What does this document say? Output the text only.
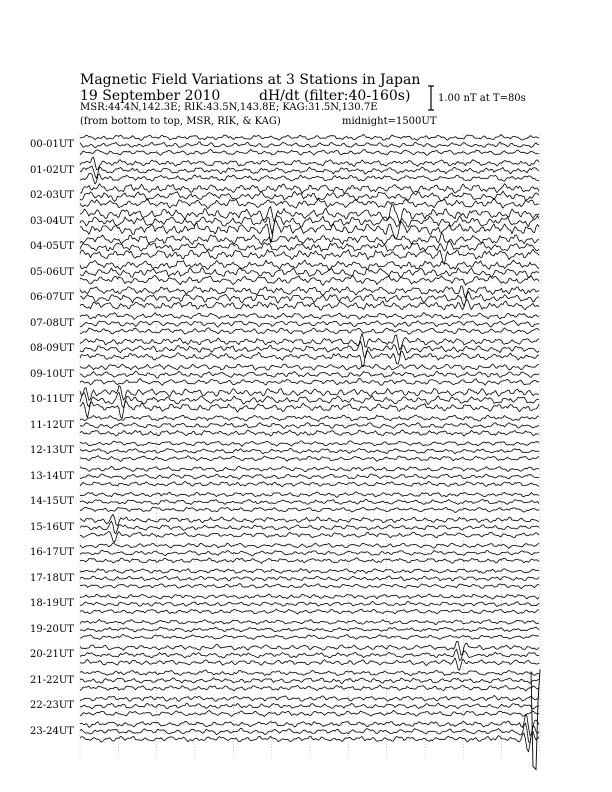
Magnetic Field Variations at 3 Stations in Japan
19 September 2010	dH/dt (filter:40-160s)
MSR:44.4N,142.3E; RIK:43.5N,143.8E; KAG:31.5N,130.7E
(from bottom to top, MSR, RIK, & KAG)	midnight=1500UT
1.00 nT at T=80s
00-01UT
01-02UT
02-03UT
03-04UT
04-05UT
05-06UT
06-07UT
07-08UT
08-09UT
09-10UT
10-11UT
11-12UT
12-13UT
13-14UT
14-15UT
15-16UT
16-17UT
17-18UT
18-19UT
19-20UT
20-21UT
21-22UT
22-23UT
23-24UT
